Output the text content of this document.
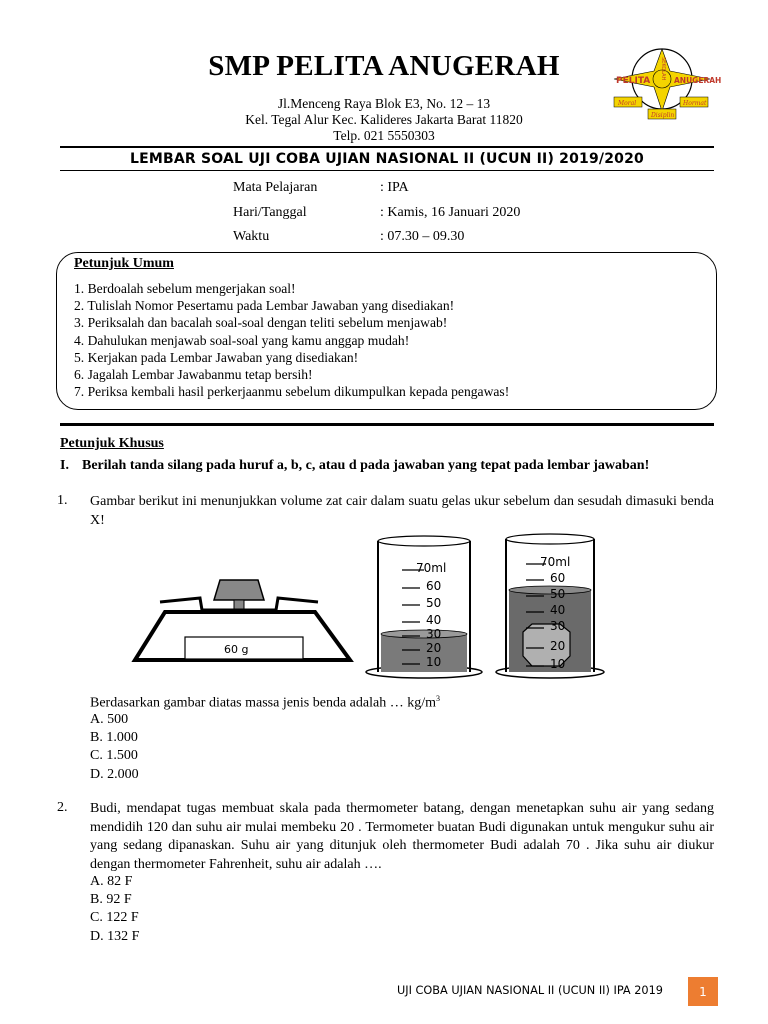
SMP PELITA ANUGERAH	PELITA	ANUGERAH
SEKOLAH
Moral	Hormat
Disiplin
Jl.Menceng Raya Blok E3, No. 12 – 13
Kel. Tegal Alur Kec. Kalideres Jakarta Barat 11820
Telp. 021 5550303
LEMBAR SOAL UJI COBA UJIAN NASIONAL II (UCUN II) 2019/2020
Mata Pelajaran	: IPA
Hari/Tanggal	: Kamis, 16 Januari 2020
Waktu	: 07.30 – 09.30
Petunjuk Umum
1. Berdoalah sebelum mengerjakan soal!
2. Tulislah Nomor Pesertamu pada Lembar Jawaban yang disediakan!
3. Periksalah dan bacalah soal-soal dengan teliti sebelum menjawab!
4. Dahulukan menjawab soal-soal yang kamu anggap mudah!
5. Kerjakan pada Lembar Jawaban yang disediakan!
6. Jagalah Lembar Jawabanmu tetap bersih!
7. Periksa kembali hasil perkerjaanmu sebelum dikumpulkan kepada pengawas!
Petunjuk Khusus
I. Berilah tanda silang pada huruf a, b, c, atau d pada jawaban yang tepat pada lembar jawaban!
1. Gambar berikut ini menunjukkan volume zat cair dalam suatu gelas ukur sebelum dan sesudah dimasuki benda X!
60 g
70ml
60
50
40
30
20
10
70ml
60
50
40
30
20
10
Berdasarkan gambar diatas massa jenis benda adalah … $kg/m^3$
A. 500
B. 1.000
C. 1.500
D. 2.000
2. Budi, mendapat tugas membuat skala pada thermometer batang, dengan menetapkan suhu air yang sedang mendidih 120 dan suhu air mulai membeku 20 . Termometer buatan Budi digunakan untuk mengukur suhu air yang sedang dipanaskan. Suhu air yang ditunjuk oleh thermometer Budi adalah 70 . Jika suhu air diukur dengan thermometer Fahrenheit, suhu air adalah ….
A. 82 F
B. 92 F
C. 122 F
D. 132 F
UJI COBA UJIAN NASIONAL II (UCUN II) IPA 2019	1
